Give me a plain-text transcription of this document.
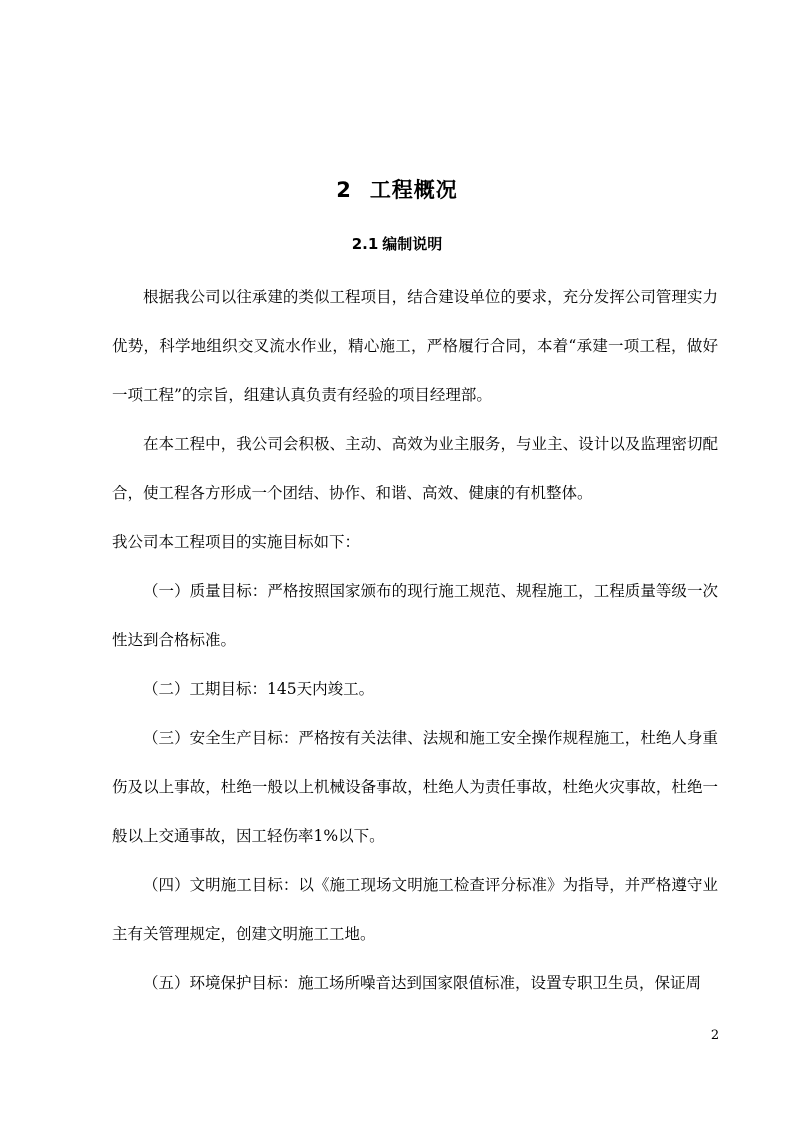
2 工程概况
2.1 编制说明

根据我公司以往承建的类似工程项目，结合建设单位的要求，充分发挥公司管理实力优势，科学地组织交叉流水作业，精心施工，严格履行合同，本着“承建一项工程，做好一项工程”的宗旨，组建认真负责有经验的项目经理部。

在本工程中，我公司会积极、主动、高效为业主服务，与业主、设计以及监理密切配合，使工程各方形成一个团结、协作、和谐、高效、健康的有机整体。

我公司本工程项目的实施目标如下：

（一）质量目标：严格按照国家颁布的现行施工规范、规程施工，工程质量等级一次性达到合格标准。

（二）工期目标：145天内竣工。

（三）安全生产目标：严格按有关法律、法规和施工安全操作规程施工，杜绝人身重伤及以上事故，杜绝一般以上机械设备事故，杜绝人为责任事故，杜绝火灾事故，杜绝一般以上交通事故，因工轻伤率1%以下。

（四）文明施工目标：以《施工现场文明施工检查评分标准》为指导，并严格遵守业主有关管理规定，创建文明施工工地。

（五）环境保护目标：施工场所噪音达到国家限值标准，设置专职卫生员，保证周

2
